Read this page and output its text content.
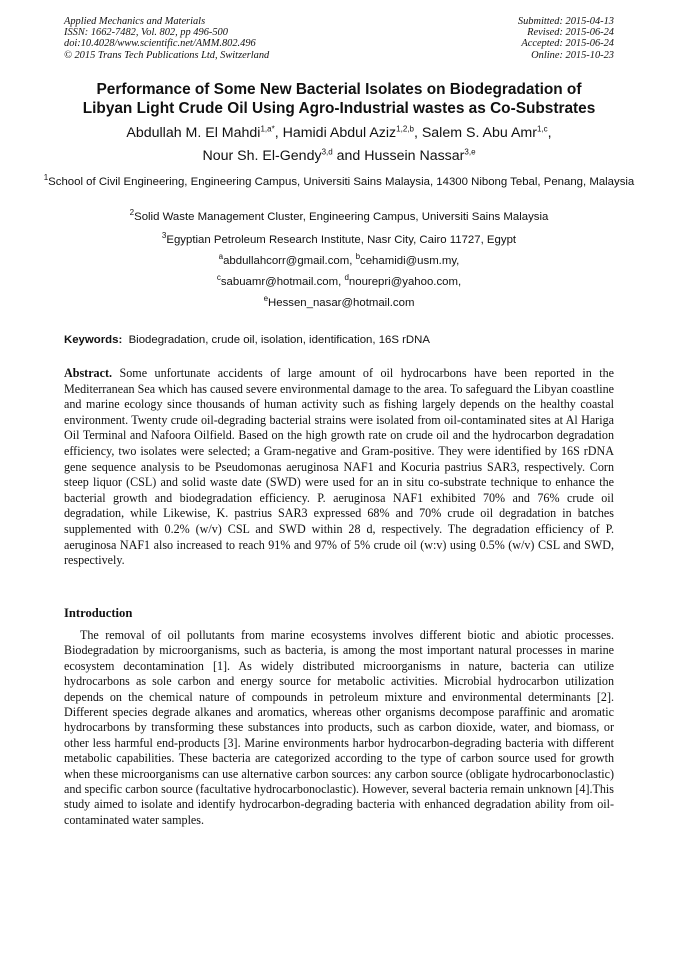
Applied Mechanics and Materials
ISSN: 1662-7482, Vol. 802, pp 496-500
doi:10.4028/www.scientific.net/AMM.802.496
© 2015 Trans Tech Publications Ltd, Switzerland
Submitted: 2015-04-13
Revised: 2015-06-24
Accepted: 2015-06-24
Online: 2015-10-23
Performance of Some New Bacterial Isolates on Biodegradation of
Libyan Light Crude Oil Using Agro-Industrial wastes as Co-Substrates
Abdullah M. El Mahdi$^{1,a*}$, Hamidi Abdul Aziz$^{1,2,b}$, Salem S. Abu Amr$^{1,c}$,
Nour Sh. El-Gendy$^{3,d}$ and Hussein Nassar$^{3,e}$
$^1$School of Civil Engineering, Engineering Campus, Universiti Sains Malaysia, 14300 Nibong Tebal, Penang, Malaysia
$^2$Solid Waste Management Cluster, Engineering Campus, Universiti Sains Malaysia
$^3$Egyptian Petroleum Research Institute, Nasr City, Cairo 11727, Egypt
$^a$abdullahcorr@gmail.com, $^b$cehamidi@usm.my,
$^c$sabuamr@hotmail.com, $^d$nourepri@yahoo.com,
$^e$Hessen_nasar@hotmail.com
Keywords: Biodegradation, crude oil, isolation, identification, 16S rDNA
Abstract. Some unfortunate accidents of large amount of oil hydrocarbons have been reported in the Mediterranean Sea which has caused severe environmental damage to the area. To safeguard the Libyan coastline and marine ecology since thousands of human activity such as fishing largely depends on the healthy coastal environment. Twenty crude oil-degrading bacterial strains were isolated from oil-contaminated sites at Al Hariga Oil Terminal and Nafoora Oilfield. Based on the high growth rate on crude oil and the hydrocarbon degradation efficiency, two isolates were selected; a Gram-negative and Gram-positive. They were identified by 16S rDNA gene sequence analysis to be Pseudomonas aeruginosa NAF1 and Kocuria pastrius SAR3, respectively. Corn steep liquor (CSL) and solid waste date (SWD) were used for an in situ co-substrate technique to enhance the bacterial growth and biodegradation efficiency. P. aeruginosa NAF1 exhibited 70% and 76% crude oil degradation, while Likewise, K. pastrius SAR3 expressed 68% and 70% crude oil degradation in batches supplemented with 0.2% (w/v) CSL and SWD within 28 d, respectively. The degradation efficiency of P. aeruginosa NAF1 also increased to reach 91% and 97% of 5% crude oil (w:v) using 0.5% (w/v) CSL and SWD, respectively.
Introduction

The removal of oil pollutants from marine ecosystems involves different biotic and abiotic processes. Biodegradation by microorganisms, such as bacteria, is among the most important natural processes in marine ecosystem decontamination [1]. As widely distributed microorganisms in nature, bacteria can utilize hydrocarbons as sole carbon and energy source for metabolic activities. Microbial hydrocarbon utilization depends on the chemical nature of compounds in petroleum mixture and environmental determinants [2]. Different species degrade alkanes and aromatics, whereas other organisms decompose paraffinic and aromatic hydrocarbons by transforming these substances into products, such as carbon dioxide, water, and biomass, or other less harmful end-products [3]. Marine environments harbor hydrocarbon-degrading bacteria with different metabolic capabilities. These bacteria are categorized according to the type of carbon source used for growth when these microorganisms can use alternative carbon sources: any carbon source (obligate hydrocarbonoclastic) and specific carbon source (facultative hydrocarbonoclastic). However, several bacteria remain unknown [4].This study aimed to isolate and identify hydrocarbon-degrading bacteria with enhanced degradation ability from oil-contaminated water samples.
